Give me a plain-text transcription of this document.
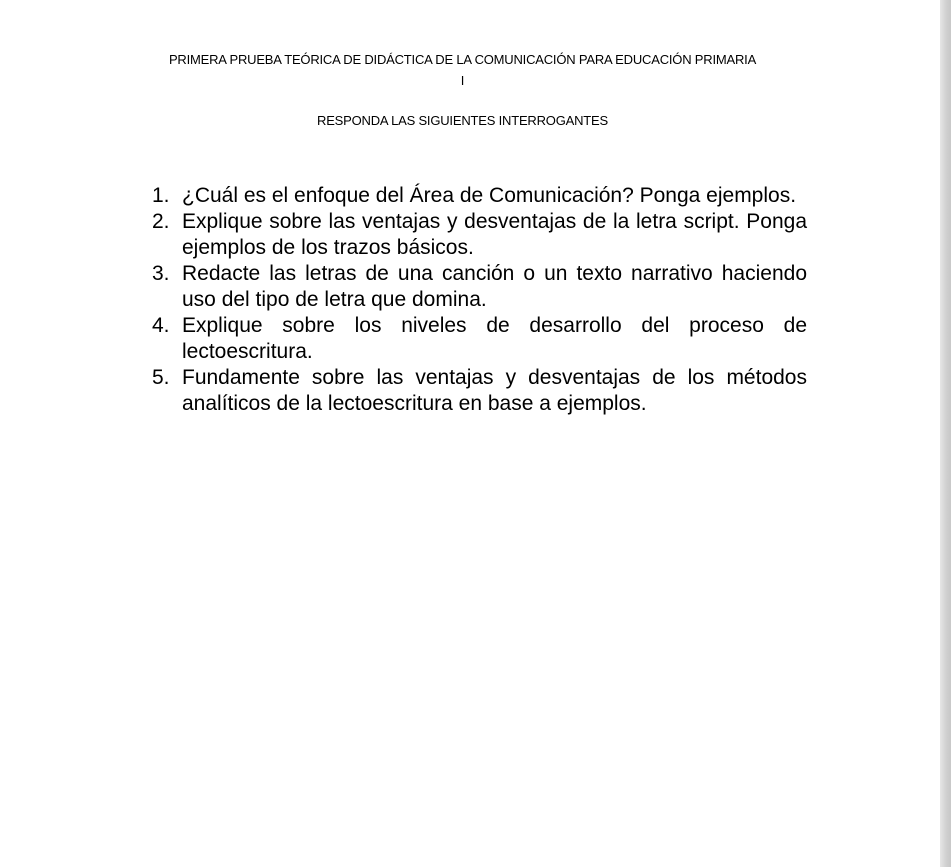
PRIMERA PRUEBA TEÓRICA DE DIDÁCTICA DE LA COMUNICACIÓN PARA EDUCACIÓN PRIMARIA
I
RESPONDA LAS SIGUIENTES INTERROGANTES
1. ¿Cuál es el enfoque del Área de Comunicación? Ponga ejemplos.
2. Explique sobre las ventajas y desventajas de la letra script. Ponga ejemplos de los trazos básicos.
3. Redacte las letras de una canción o un texto narrativo haciendo uso del tipo de letra que domina.
4. Explique sobre los niveles de desarrollo del proceso de lectoescritura.
5. Fundamente sobre las ventajas y desventajas de los métodos analíticos de la lectoescritura en base a ejemplos.
